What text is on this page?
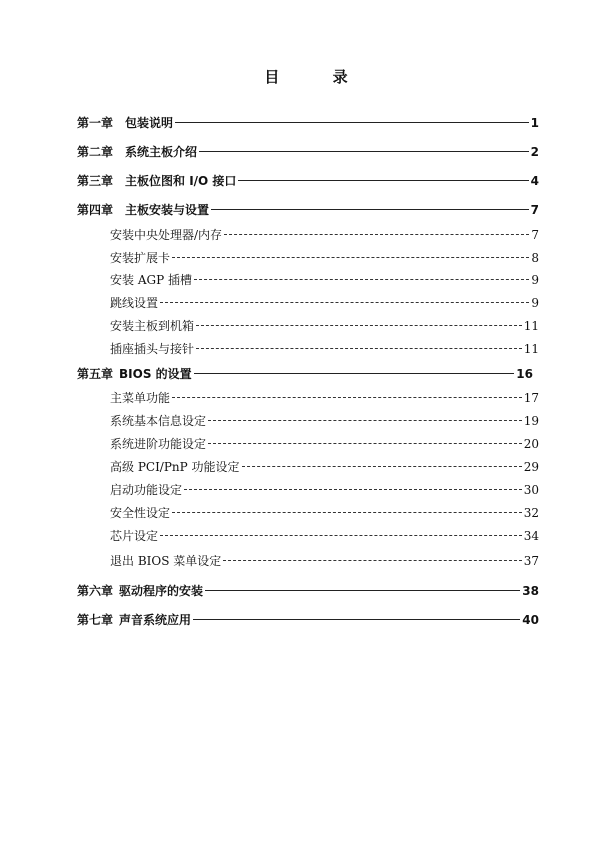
目 录
第一章 包装说明	1
第二章 系统主板介绍	2
第三章 主板位图和 I/O 接口	4
第四章 主板安装与设置	7
安装中央处理器/内存	7
安装扩展卡	8
安装 AGP 插槽	9
跳线设置	9
安装主板到机箱	11
插座插头与接针	11
第五章 BIOS 的设置	16
主菜单功能	17
系统基本信息设定	19
系统进阶功能设定	20
高级 PCI/PnP 功能设定	29
启动功能设定	30
安全性设定	32
芯片设定	34
退出 BIOS 菜单设定	37
第六章 驱动程序的安装	38
第七章 声音系统应用	40
